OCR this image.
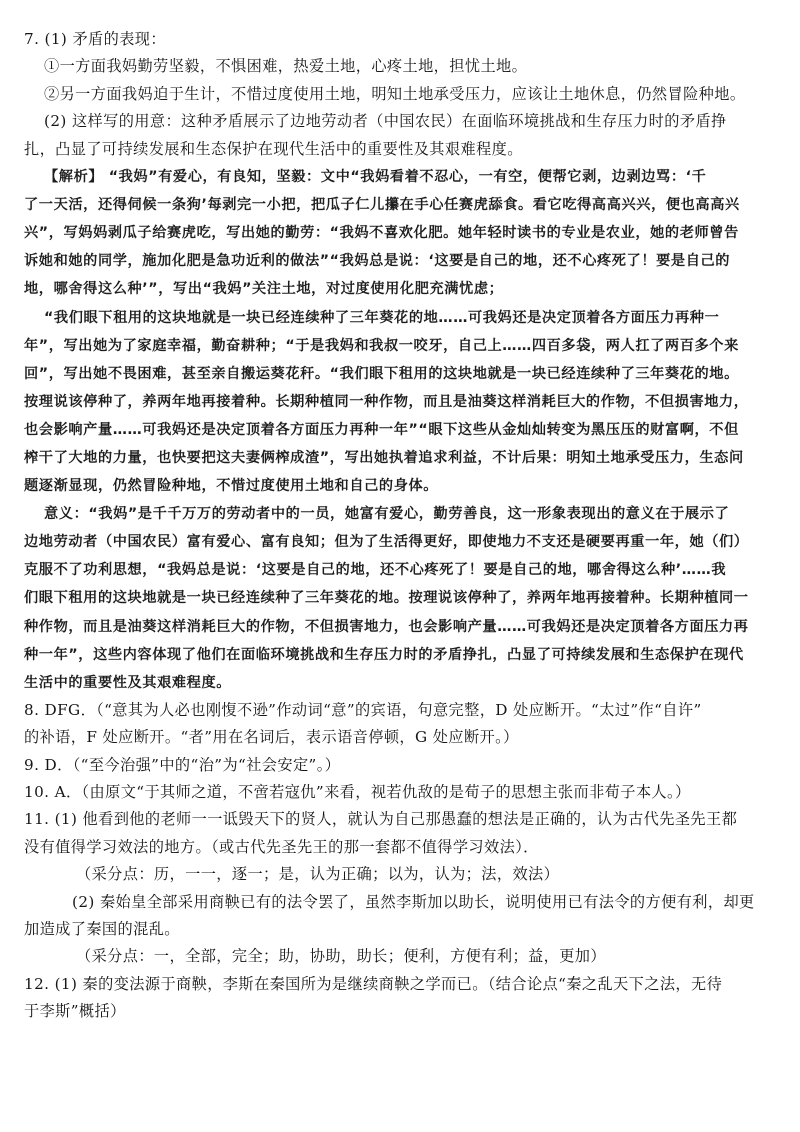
7. (1) 矛盾的表现：

①一方面我妈勤劳坚毅，不惧困难，热爱土地，心疼土地，担忧土地。

②另一方面我妈迫于生计，不惜过度使用土地，明知土地承受压力，应该让土地休息，仍然冒险种地。

(2) 这样写的用意：这种矛盾展示了边地劳动者（中国农民）在面临环境挑战和生存压力时的矛盾挣

扎，凸显了可持续发展和生态保护在现代生活中的重要性及其艰难程度。

【解析】 “我妈”有爱心，有良知，坚毅：文中“我妈看着不忍心，一有空，便帮它剥，边剥边骂：‘千

了一天活，还得伺候一条狗’每剥完一小把，把瓜子仁儿攥在手心任赛虎舔食。看它吃得高高兴兴，便也高高兴

兴”，写妈妈剥瓜子给赛虎吃，写出她的勤劳：“我妈不喜欢化肥。她年轻时读书的专业是农业，她的老师曾告

诉她和她的同学，施加化肥是急功近利的做法”“我妈总是说：‘这要是自己的地，还不心疼死了！要是自己的

地，哪舍得这么种’”，写出“我妈”关注土地，对过度使用化肥充满忧虑；

“我们眼下租用的这块地就是一块已经连续种了三年葵花的地……可我妈还是决定顶着各方面压力再种一

年”，写出她为了家庭幸福，勤奋耕种；“于是我妈和我叔一咬牙，自己上……四百多袋，两人扛了两百多个来

回”，写出她不畏困难，甚至亲自搬运葵花秆。“我们眼下租用的这块地就是一块已经连续种了三年葵花的地。

按理说该停种了，养两年地再接着种。长期种植同一种作物，而且是油葵这样消耗巨大的作物，不但损害地力，

也会影响产量……可我妈还是决定顶着各方面压力再种一年”“眼下这些从金灿灿转变为黑压压的财富啊，不但

榨干了大地的力量，也快要把这夫妻俩榨成渣”，写出她执着追求利益，不计后果：明知土地承受压力，生态问

题逐渐显现，仍然冒险种地，不惜过度使用土地和自己的身体。

意义：“我妈”是千千万万的劳动者中的一员，她富有爱心，勤劳善良，这一形象表现出的意义在于展示了

边地劳动者（中国农民）富有爱心、富有良知；但为了生活得更好，即使地力不支还是硬要再重一年，她（们）

克服不了功利思想，“我妈总是说：‘这要是自己的地，还不心疼死了！要是自己的地，哪舍得这么种’……我

们眼下租用的这块地就是一块已经连续种了三年葵花的地。按理说该停种了，养两年地再接着种。长期种植同一

种作物，而且是油葵这样消耗巨大的作物，不但损害地力，也会影响产量……可我妈还是决定顶着各方面压力再

种一年”，这些内容体现了他们在面临环境挑战和生存压力时的矛盾挣扎，凸显了可持续发展和生态保护在现代

生活中的重要性及其艰难程度。

8. DFG．（“意其为人必也刚愎不逊”作动词“意”的宾语，句意完整，D 处应断开。“太过”作“自许”

的补语，F 处应断开。“者”用在名词后，表示语音停顿，G 处应断开。）

9. D．（“至今治强”中的“治”为“社会安定”。）

10. A．（由原文“于其师之道，不啻若寇仇”来看，视若仇敌的是荀子的思想主张而非荀子本人。）

11. (1) 他看到他的老师一一诋毁天下的贤人，就认为自己那愚蠢的想法是正确的，认为古代先圣先王都

没有值得学习效法的地方。（或古代先圣先王的那一套都不值得学习效法）．

（采分点：历，一一，逐一；是，认为正确；以为，认为；法，效法）

(2) 秦始皇全部采用商鞅已有的法令罢了，虽然李斯加以助长，说明使用已有法令的方便有利，却更

加造成了秦国的混乱。

（采分点：一，全部，完全；助，协助，助长；便利，方便有利；益，更加）

12. (1) 秦的变法源于商鞅，李斯在秦国所为是继续商鞅之学而已。（结合论点“秦之乱天下之法，无待

于李斯”概括）
